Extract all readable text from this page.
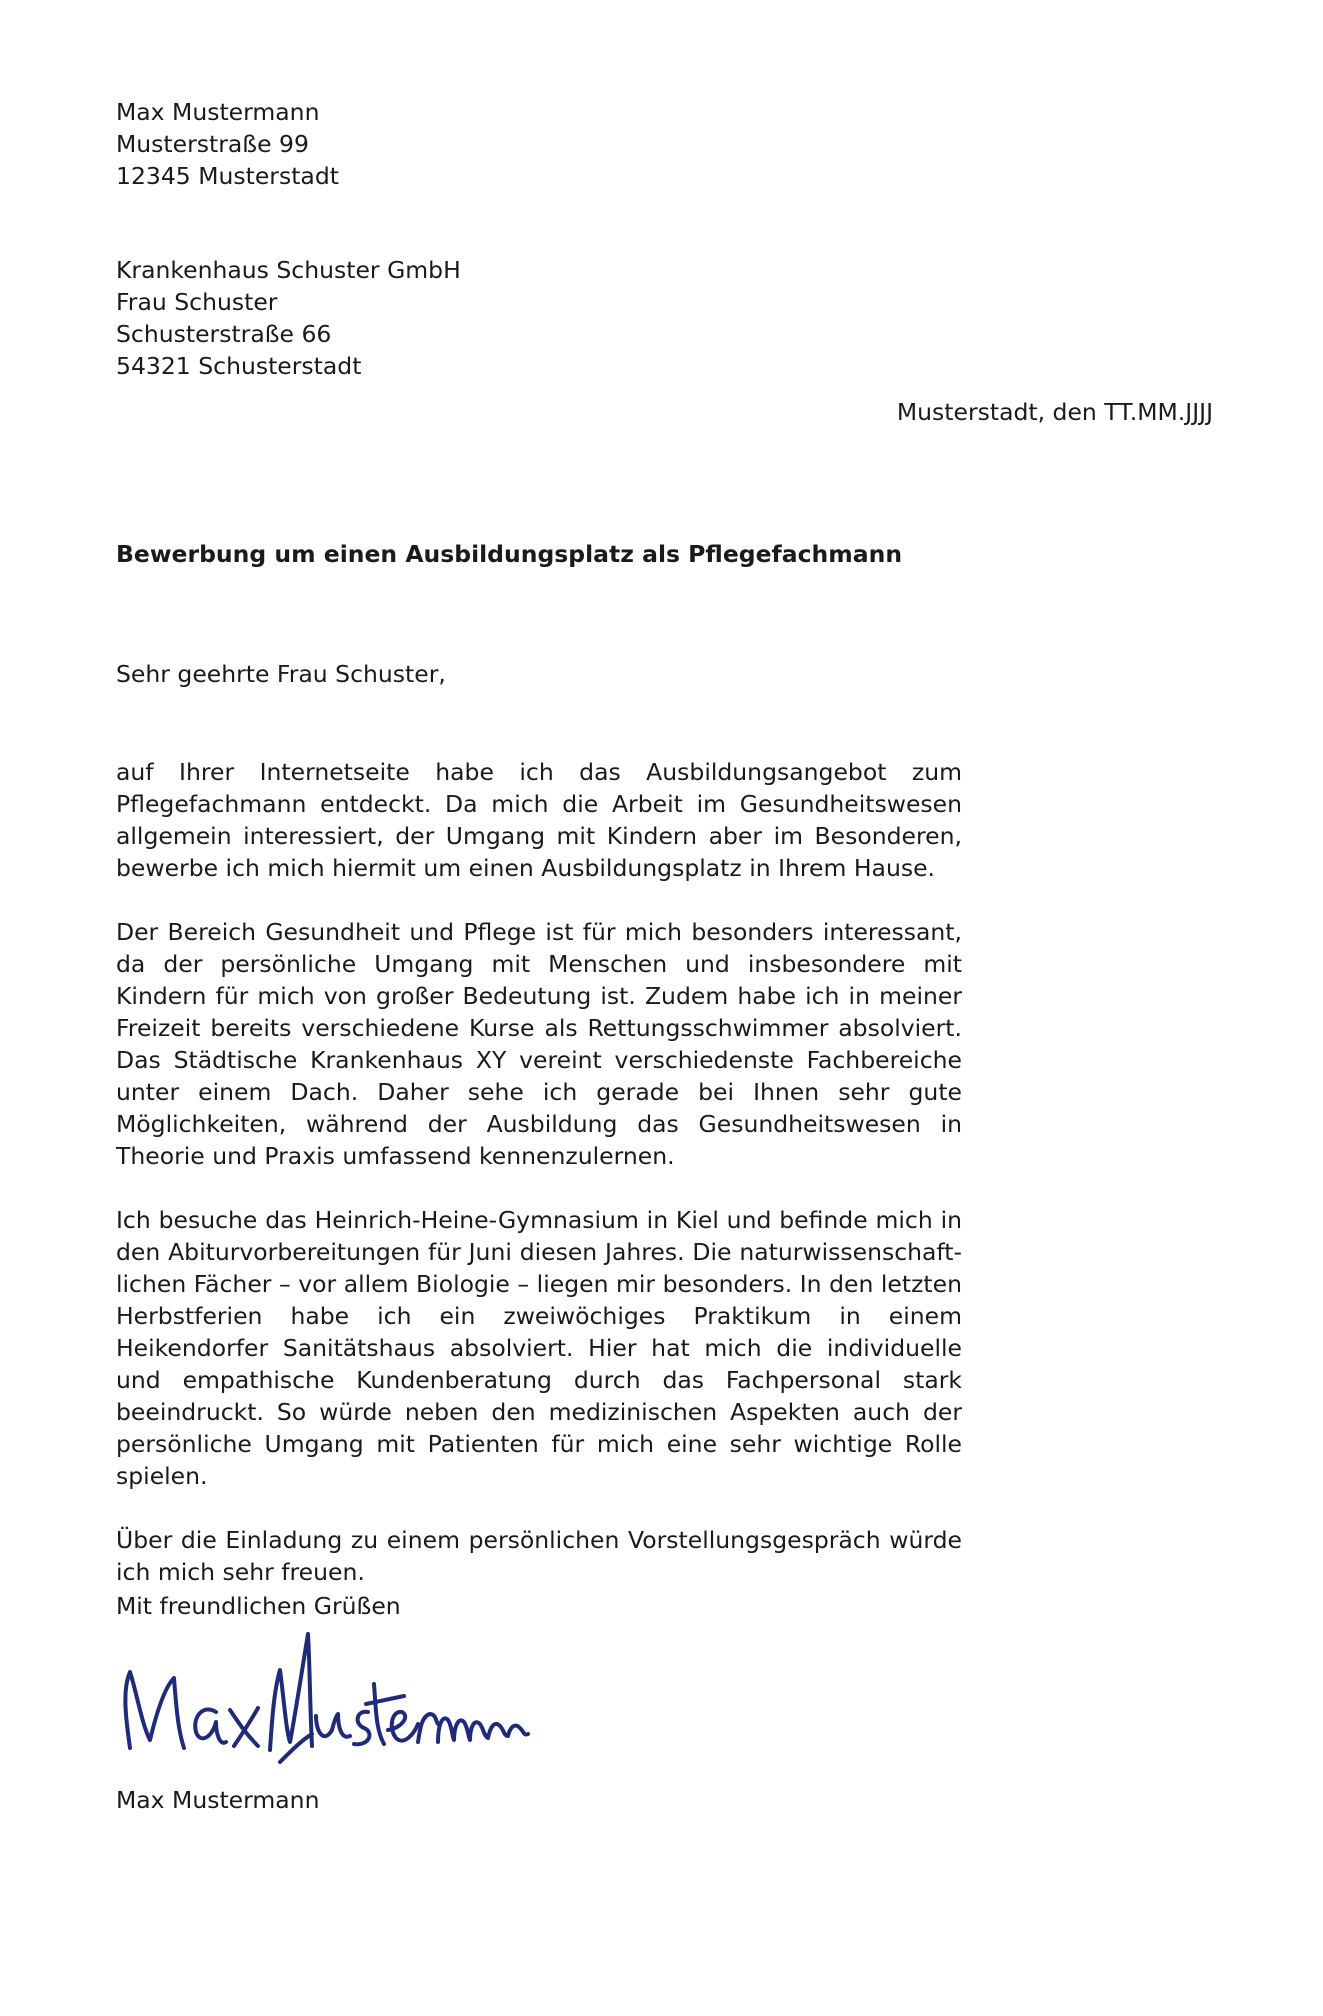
Max Mustermann
Musterstraße 99
12345 Musterstadt
Krankenhaus Schuster GmbH
Frau Schuster
Schusterstraße 66
54321 Schusterstadt
Musterstadt, den TT.MM.JJJJ
Bewerbung um einen Ausbildungsplatz als Pflegefachmann
Sehr geehrte Frau Schuster,

auf Ihrer Internetseite habe ich das Ausbildungsangebot zum Pflegefachmann entdeckt. Da mich die Arbeit im Gesundheitswesen allgemein interessiert, der Umgang mit Kindern aber im Besonderen, bewerbe ich mich hiermit um einen Ausbildungsplatz in Ihrem Hause.

Der Bereich Gesundheit und Pflege ist für mich besonders interessant, da der persönliche Umgang mit Menschen und insbesondere mit Kindern für mich von großer Bedeutung ist. Zudem habe ich in meiner Freizeit bereits verschiedene Kurse als Rettungsschwimmer absolviert. Das Städtische Krankenhaus XY vereint verschiedenste Fachbereiche unter einem Dach. Daher sehe ich gerade bei Ihnen sehr gute Möglichkeiten, während der Ausbildung das Gesundheitswesen in Theorie und Praxis umfassend kennenzulernen.

Ich besuche das Heinrich-Heine-Gymnasium in Kiel und befinde mich in den Abiturvorbereitungen für Juni diesen Jahres. Die naturwissenschaftlichen Fächer – vor allem Biologie – liegen mir besonders. In den letzten Herbstferien habe ich ein zweiwöchiges Praktikum in einem Heikendorfer Sanitätshaus absolviert. Hier hat mich die individuelle und empathische Kundenberatung durch das Fachpersonal stark beeindruckt. So würde neben den medizinischen Aspekten auch der persönliche Umgang mit Patienten für mich eine sehr wichtige Rolle spielen.

Über die Einladung zu einem persönlichen Vorstellungsgespräch würde ich mich sehr freuen.

Mit freundlichen Grüßen
Max Mustermann
